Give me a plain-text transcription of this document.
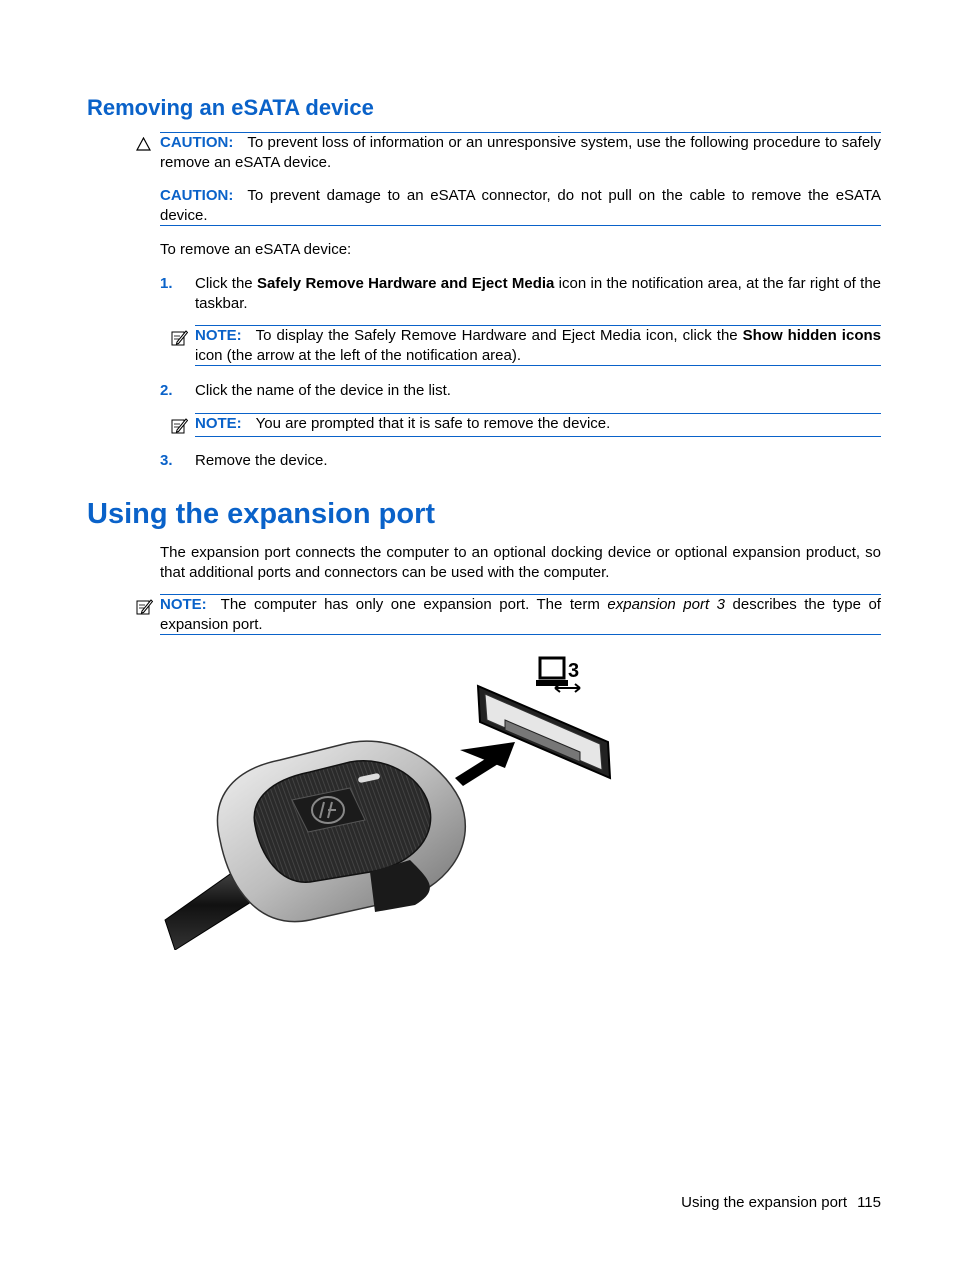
Removing an eSATA device
CAUTION: To prevent loss of information or an unresponsive system, use the following procedure to safely remove an eSATA device.
CAUTION: To prevent damage to an eSATA connector, do not pull on the cable to remove the eSATA device.
To remove an eSATA device:
1. Click the Safely Remove Hardware and Eject Media icon in the notification area, at the far right of the taskbar.
NOTE: To display the Safely Remove Hardware and Eject Media icon, click the Show hidden icons icon (the arrow at the left of the notification area).
2. Click the name of the device in the list.
NOTE: You are prompted that it is safe to remove the device.
3. Remove the device.
Using the expansion port
The expansion port connects the computer to an optional docking device or optional expansion product, so that additional ports and connectors can be used with the computer.
NOTE: The computer has only one expansion port. The term expansion port 3 describes the type of expansion port.
3
Using the expansion port 115
